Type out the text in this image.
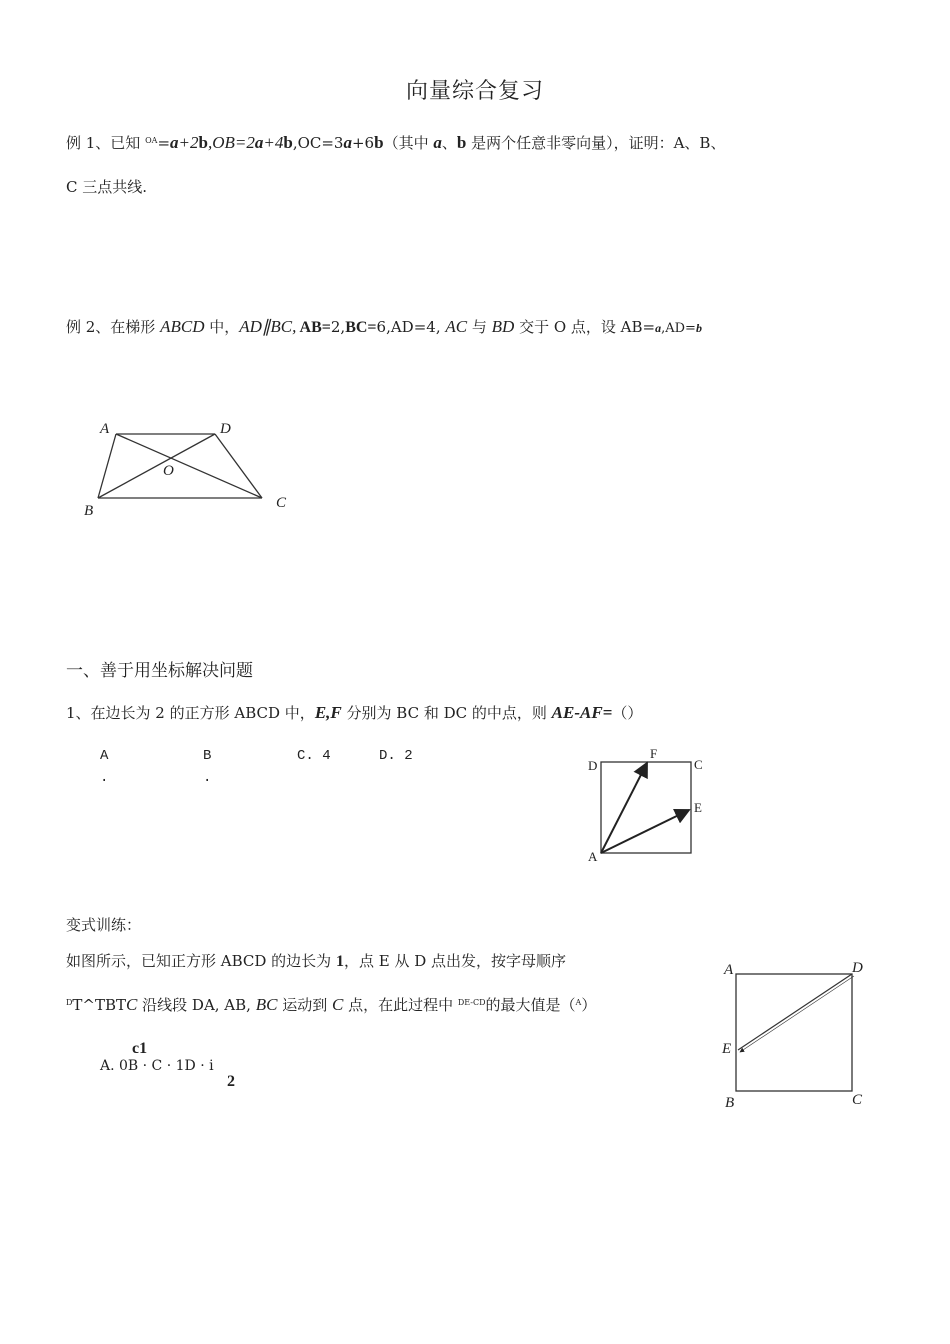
向量综合复习
例 1、已知 $^{OA}$=a+2b,OB=2a+4b,OC=3a+6b（其中 a、b 是两个任意非零向量），证明：A、B、
C 三点共线.
例 2、在梯形 ABCD 中，AD∥BC, AB=2,BC=6,AD=4, AC 与 BD 交于 O 点，设 AB=a,AD=b
A	D
O
B	C
一、善于用坐标解决问题
1、在边长为 2 的正方形 ABCD 中，E,F 分别为 BC 和 DC 的中点，则 AE-AF=（）
A
.
B
.
C. 4	D. 2
D
F
C
E
A
变式训练：
如图所示，已知正方形 ABCD 的边长为 1，点 E 从 D 点出发，按字母顺序
$^D$T^TBTC 沿线段 DA, AB, BC 运动到 C 点，在此过程中 $^{DE-CD}$的最大值是（$^A$）
c1
A. 0B · C · 1D · i
2
A	D
E
B	C
